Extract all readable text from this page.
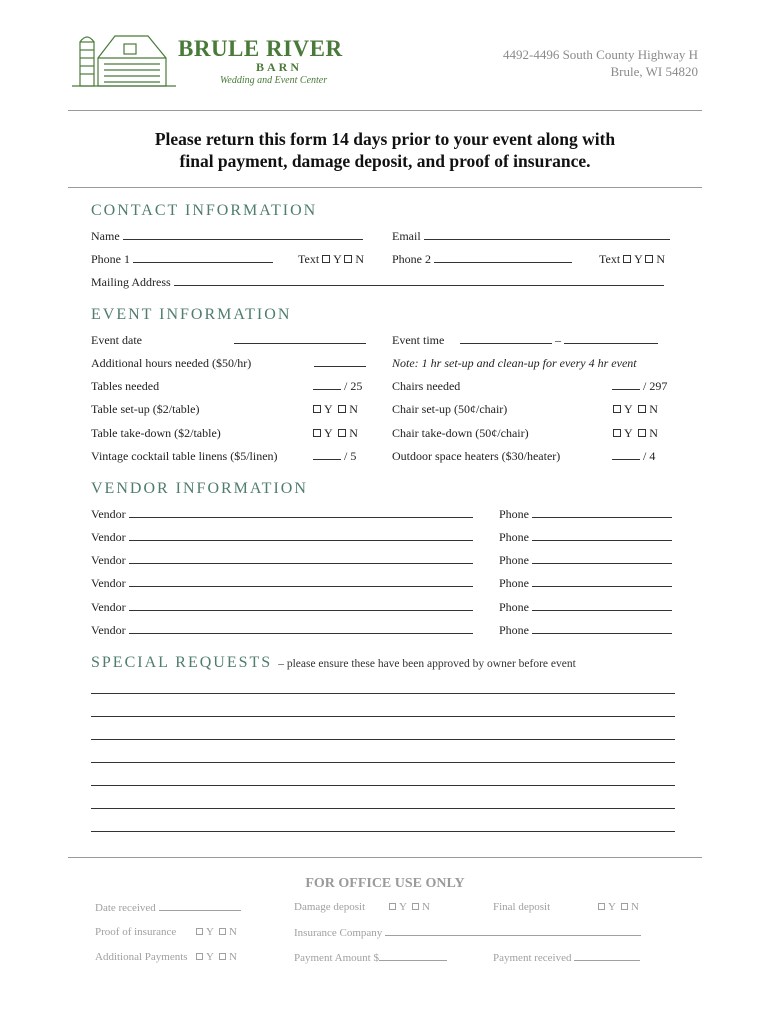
BRULE RIVER
BARN
Wedding and Event Center
4492-4496 South County Highway H
Brule, WI 54820
Please return this form 14 days prior to your event along with
final payment, damage deposit, and proof of insurance.
CONTACT INFORMATION
Name	Email
Phone 1	Text Y N Phone 2	Text Y N
Mailing Address
EVENT INFORMATION
Event date	Event time	–
Additional hours needed ($50/hr)	Note: 1 hr set-up and clean-up for every 4 hr event
Tables needed	/ 25 Chairs needed	/ 297
Table set-up ($2/table)	Y N	Chair set-up (50¢/chair)	Y N
Table take-down ($2/table)	Y N	Chair take-down (50¢/chair)	Y N
Vintage cocktail table linens ($5/linen)	/ 5	Outdoor space heaters ($30/heater)	/ 4
VENDOR INFORMATION
Vendor	Phone
Vendor	Phone
Vendor	Phone
Vendor	Phone
Vendor	Phone
Vendor	Phone
SPECIAL REQUESTS – please ensure these have been approved by owner before event
FOR OFFICE USE ONLY
Date received	Damage deposit	Y N	Final deposit	Y N
Proof of insurance	Y N	Insurance Company
Additional Payments	Y N	Payment Amount $	Payment received
